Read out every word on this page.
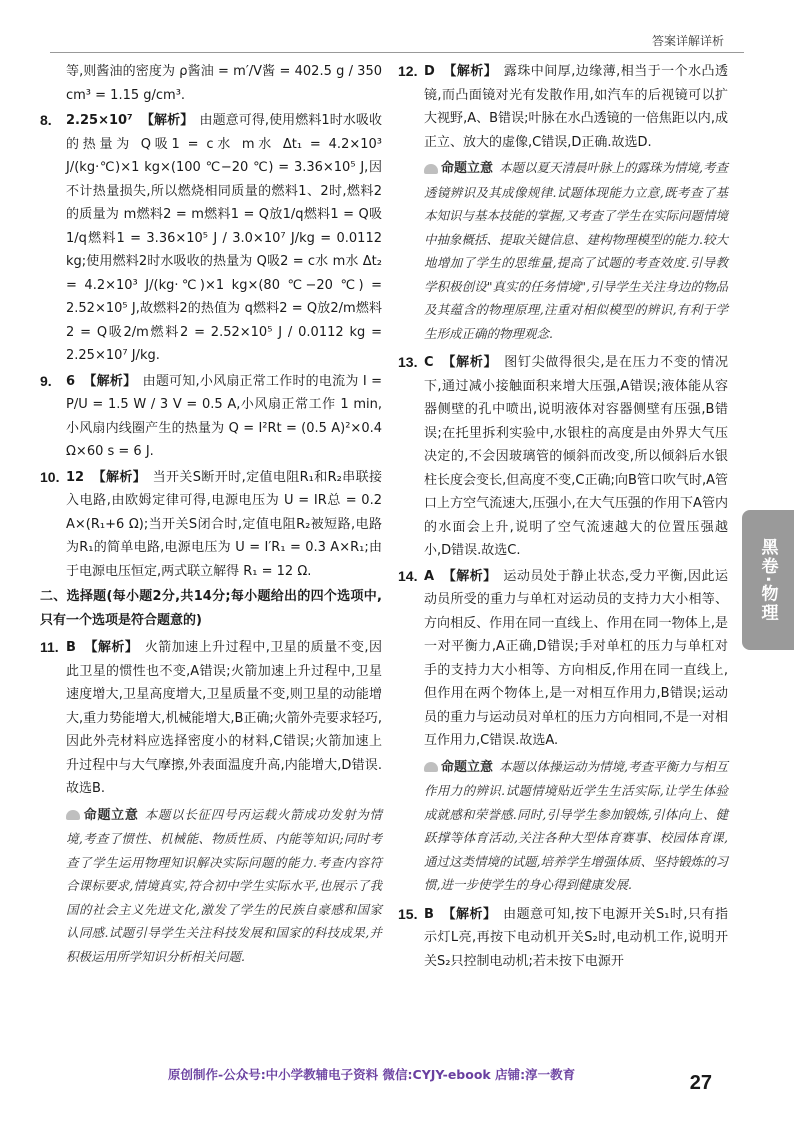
答案详解详析

等,则酱油的密度为 ρ酱油 = m′/V酱 = 402.5 g / 350 cm³ = 1.15 g/cm³.

8. 2.25×10⁷ 【解析】 由题意可得,使用燃料1时水吸收的热量为 Q吸1 = c水 m水 Δt₁ = 4.2×10³ J/(kg·℃)×1 kg×(100 ℃−20 ℃) = 3.36×10⁵ J,因不计热量损失,所以燃烧相同质量的燃料1、2时,燃料2的质量为 m燃料2 = m燃料1 = Q放1/q燃料1 = Q吸1/q燃料1 = 3.36×10⁵ J / 3.0×10⁷ J/kg = 0.0112 kg;使用燃料2时水吸收的热量为 Q吸2 = c水 m水 Δt₂ = 4.2×10³ J/(kg·℃)×1 kg×(80 ℃−20 ℃) = 2.52×10⁵ J,故燃料2的热值为 q燃料2 = Q放2/m燃料2 = Q吸2/m燃料2 = 2.52×10⁵ J / 0.0112 kg = 2.25×10⁷ J/kg.
9. 6 【解析】 由题可知,小风扇正常工作时的电流为 I = P/U = 1.5 W / 3 V = 0.5 A,小风扇正常工作 1 min,小风扇内线圈产生的热量为 Q = I²Rt = (0.5 A)²×0.4 Ω×60 s = 6 J.
10. 12 【解析】 当开关S断开时,定值电阻R₁和R₂串联接入电路,由欧姆定律可得,电源电压为 U = IR总 = 0.2 A×(R₁+6 Ω);当开关S闭合时,定值电阻R₂被短路,电路为R₁的简单电路,电源电压为 U = I′R₁ = 0.3 A×R₁;由于电源电压恒定,两式联立解得 R₁ = 12 Ω.

二、选择题(每小题2分,共14分;每小题给出的四个选项中,只有一个选项是符合题意的)

11. B 【解析】 火箭加速上升过程中,卫星的质量不变,因此卫星的惯性也不变,A错误;火箭加速上升过程中,卫星速度增大,卫星高度增大,卫星质量不变,则卫星的动能增大,重力势能增大,机械能增大,B正确;火箭外壳要求轻巧,因此外壳材料应选择密度小的材料,C错误;火箭加速上升过程中与大气摩擦,外表面温度升高,内能增大,D错误.故选B.

命题立意 本题以长征四号丙运载火箭成功发射为情境,考查了惯性、机械能、物质性质、内能等知识;同时考查了学生运用物理知识解决实际问题的能力.考查内容符合课标要求,情境真实,符合初中学生实际水平,也展示了我国的社会主义先进文化,激发了学生的民族自豪感和国家认同感.试题引导学生关注科技发展和国家的科技成果,并积极运用所学知识分析相关问题.

12. D 【解析】 露珠中间厚,边缘薄,相当于一个水凸透镜,而凸面镜对光有发散作用,如汽车的后视镜可以扩大视野,A、B错误;叶脉在水凸透镜的一倍焦距以内,成正立、放大的虚像,C错误,D正确.故选D.

命题立意 本题以夏天清晨叶脉上的露珠为情境,考查透镜辨识及其成像规律.试题体现能力立意,既考查了基本知识与基本技能的掌握,又考查了学生在实际问题情境中抽象概括、提取关键信息、建构物理模型的能力.较大地增加了学生的思维量,提高了试题的考查效度.引导教学积极创设"真实的任务情境",引导学生关注身边的物品及其蕴含的物理原理,注重对相似模型的辨识,有利于学生形成正确的物理观念.

13. C 【解析】 图钉尖做得很尖,是在压力不变的情况下,通过减小接触面积来增大压强,A错误;液体能从容器侧壁的孔中喷出,说明液体对容器侧壁有压强,B错误;在托里拆利实验中,水银柱的高度是由外界大气压决定的,不会因玻璃管的倾斜而改变,所以倾斜后水银柱长度会变长,但高度不变,C正确;向B管口吹气时,A管口上方空气流速大,压强小,在大气压强的作用下A管内的水面会上升,说明了空气流速越大的位置压强越小,D错误.故选C.
14. A 【解析】 运动员处于静止状态,受力平衡,因此运动员所受的重力与单杠对运动员的支持力大小相等、方向相反、作用在同一直线上、作用在同一物体上,是一对平衡力,A正确,D错误;手对单杠的压力与单杠对手的支持力大小相等、方向相反,作用在同一直线上,但作用在两个物体上,是一对相互作用力,B错误;运动员的重力与运动员对单杠的压力方向相同,不是一对相互作用力,C错误.故选A.

命题立意 本题以体操运动为情境,考查平衡力与相互作用力的辨识.试题情境贴近学生生活实际,让学生体验成就感和荣誉感.同时,引导学生参加锻炼,引体向上、健跃撑等体育活动,关注各种大型体育赛事、校园体育课,通过这类情境的试题,培养学生增强体质、坚持锻炼的习惯,进一步使学生的身心得到健康发展.

15. B 【解析】 由题意可知,按下电源开关S₁时,只有指示灯L亮,再按下电动机开关S₂时,电动机工作,说明开关S₂只控制电动机;若未按下电源开
黑卷·物理
原创制作-公众号:中小学教辅电子资料 微信:CYJY-ebook 店铺:淳一教育	27
